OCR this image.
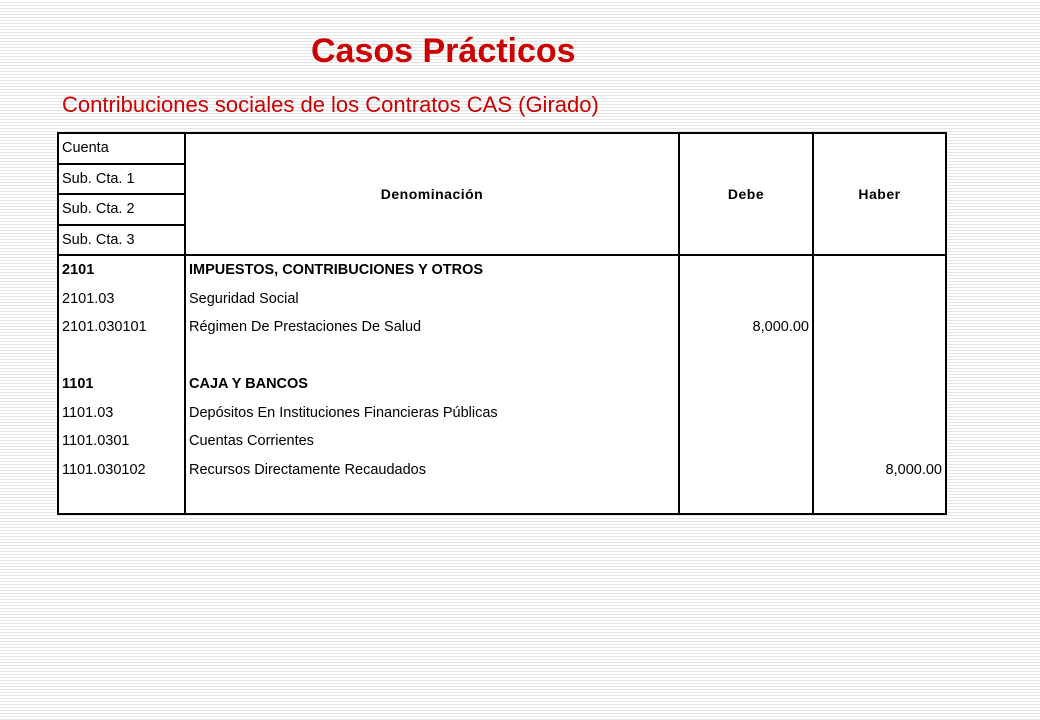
Casos Prácticos
Contribuciones sociales de los Contratos CAS (Girado)
Cuenta	Denominación	Debe	Haber
Sub. Cta. 1			
Sub. Cta. 2			
Sub. Cta. 3			
2101	IMPUESTOS, CONTRIBUCIONES Y OTROS		
2101.03	Seguridad Social		
2101.030101	Régimen De Prestaciones De Salud	8,000.00	

1101	CAJA Y BANCOS		
1101.03	Depósitos En Instituciones Financieras Públicas		
1101.0301	Cuentas Corrientes		
1101.030102	Recursos Directamente Recaudados		8,000.00
